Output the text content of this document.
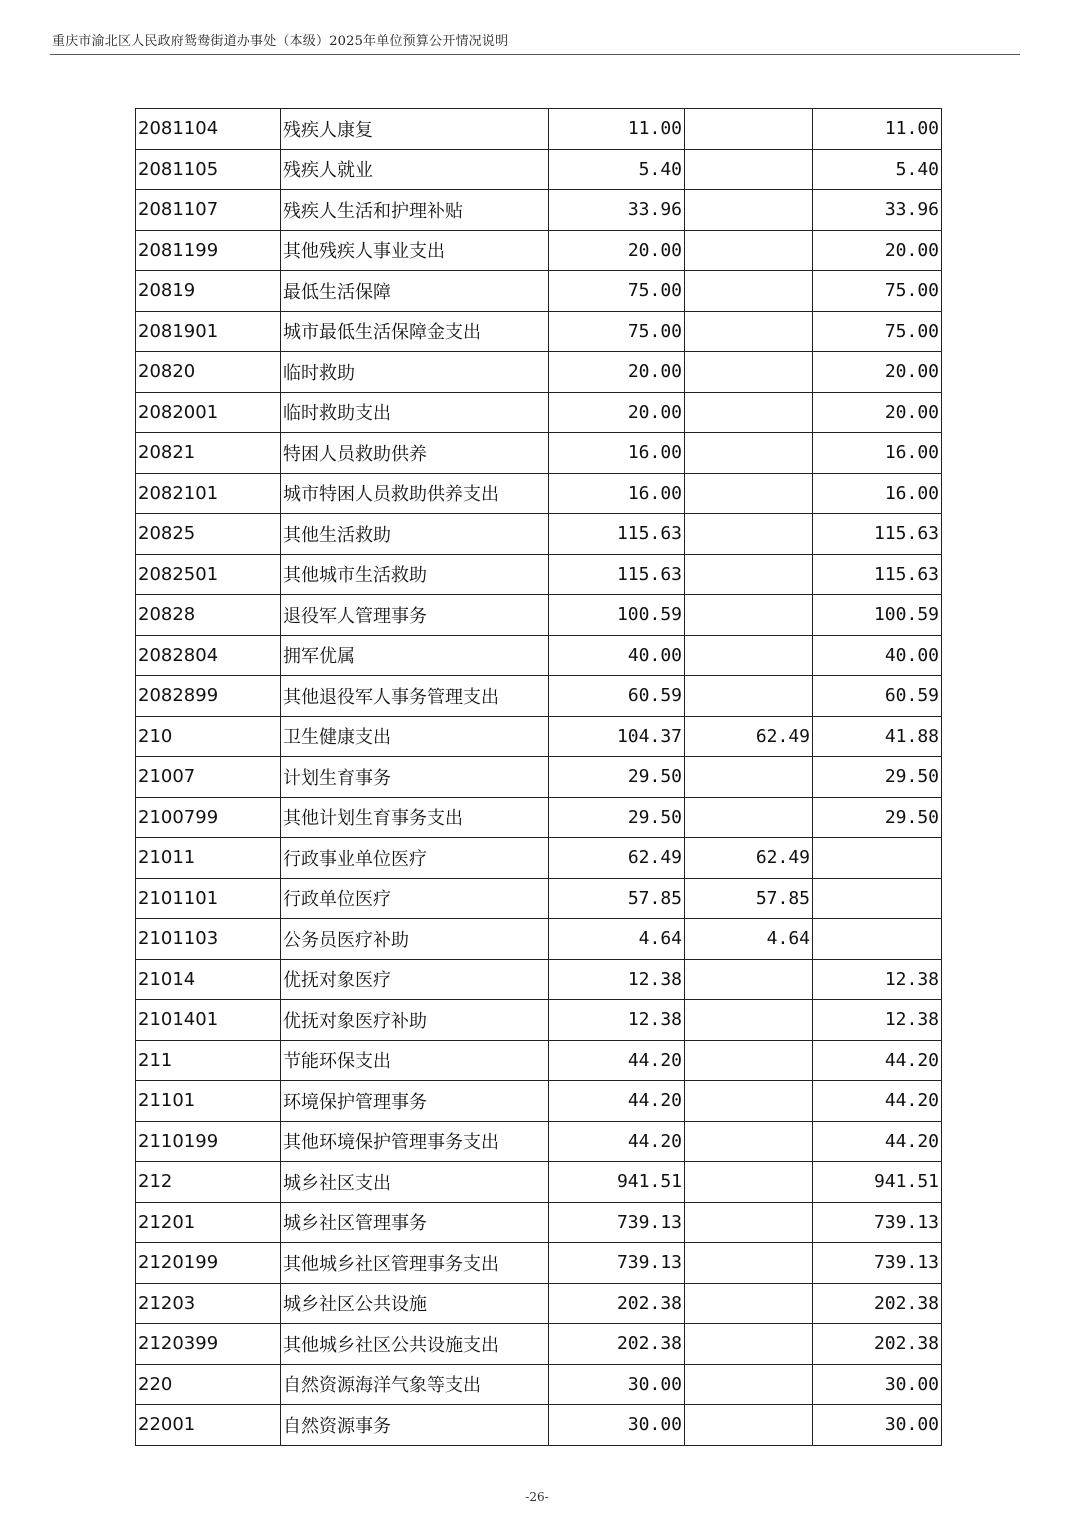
重庆市渝北区人民政府鸳鸯街道办事处（本级）2025年单位预算公开情况说明
2081104	残疾人康复	11.00		11.00
2081105	残疾人就业	5.40		5.40
2081107	残疾人生活和护理补贴	33.96		33.96
2081199	其他残疾人事业支出	20.00		20.00
20819	最低生活保障	75.00		75.00
2081901	城市最低生活保障金支出	75.00		75.00
20820	临时救助	20.00		20.00
2082001	临时救助支出	20.00		20.00
20821	特困人员救助供养	16.00		16.00
2082101	城市特困人员救助供养支出	16.00		16.00
20825	其他生活救助	115.63		115.63
2082501	其他城市生活救助	115.63		115.63
20828	退役军人管理事务	100.59		100.59
2082804	拥军优属	40.00		40.00
2082899	其他退役军人事务管理支出	60.59		60.59
210	卫生健康支出	104.37	62.49	41.88
21007	计划生育事务	29.50		29.50
2100799	其他计划生育事务支出	29.50		29.50
21011	行政事业单位医疗	62.49	62.49	
2101101	行政单位医疗	57.85	57.85	
2101103	公务员医疗补助	4.64	4.64	
21014	优抚对象医疗	12.38		12.38
2101401	优抚对象医疗补助	12.38		12.38
211	节能环保支出	44.20		44.20
21101	环境保护管理事务	44.20		44.20
2110199	其他环境保护管理事务支出	44.20		44.20
212	城乡社区支出	941.51		941.51
21201	城乡社区管理事务	739.13		739.13
2120199	其他城乡社区管理事务支出	739.13		739.13
21203	城乡社区公共设施	202.38		202.38
2120399	其他城乡社区公共设施支出	202.38		202.38
220	自然资源海洋气象等支出	30.00		30.00
22001	自然资源事务	30.00		30.00
-26-
